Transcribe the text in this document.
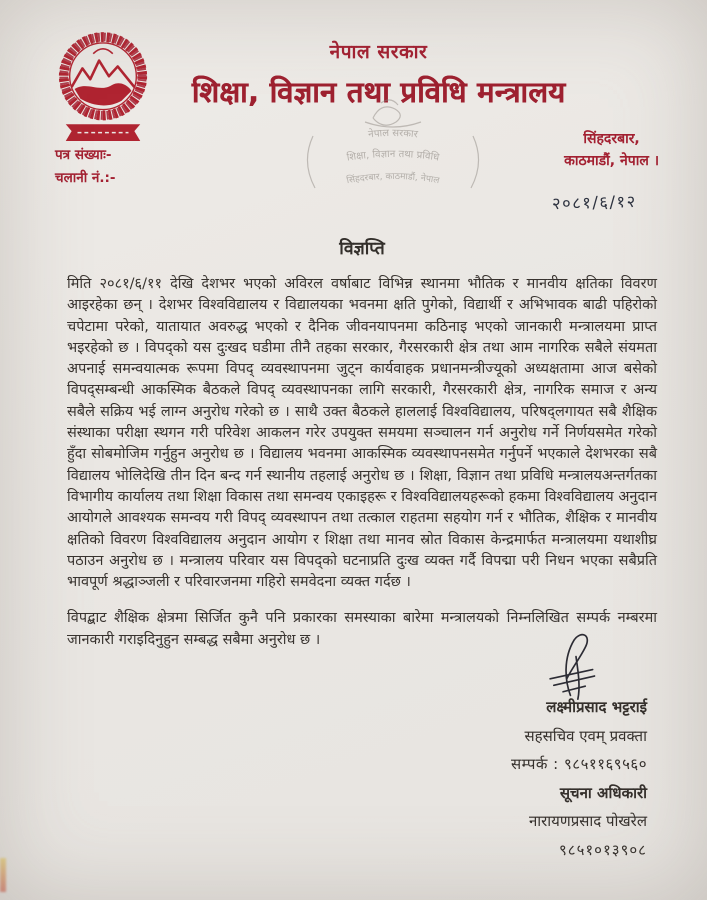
नेपाल सरकार
शिक्षा, विज्ञान तथा प्रविधि मन्त्रालय
नेपाल सरकार
शिक्षा, विज्ञान तथा प्रविधि
सिंहदरबार, काठमाडौं, नेपाल
पत्र संख्याः-
चलानी नं.:-
सिंहदरबार,
काठमाडौं, नेपाल ।
२०८१/६/१२
विज्ञप्ति

मिति २०८१/६/११ देखि देशभर भएको अविरल वर्षाबाट विभिन्न स्थानमा भौतिक र मानवीय क्षतिका विवरण आइरहेका छन् । देशभर विश्वविद्यालय र विद्यालयका भवनमा क्षति पुगेको, विद्यार्थी र अभिभावक बाढी पहिरोको चपेटामा परेको, यातायात अवरुद्ध भएको र दैनिक जीवनयापनमा कठिनाइ भएको जानकारी मन्त्रालयमा प्राप्त भइरहेको छ । विपद्को यस दुःखद घडीमा तीनै तहका सरकार, गैरसरकारी क्षेत्र तथा आम नागरिक सबैले संयमता अपनाई समन्वयात्मक रूपमा विपद् व्यवस्थापनमा जुट्न कार्यवाहक प्रधानमन्त्रीज्यूको अध्यक्षतामा आज बसेको विपद्सम्बन्धी आकस्मिक बैठकले विपद् व्यवस्थापनका लागि सरकारी, गैरसरकारी क्षेत्र, नागरिक समाज र अन्य सबैले सक्रिय भई लाग्न अनुरोध गरेको छ । साथै उक्त बैठकले हाललाई विश्वविद्यालय, परिषद्लगायत सबै शैक्षिक संस्थाका परीक्षा स्थगन गरी परिवेश आकलन गरेर उपयुक्त समयमा सञ्चालन गर्न अनुरोध गर्ने निर्णयसमेत गरेको हुँदा सोबमोजिम गर्नुहुन अनुरोध छ । विद्यालय भवनमा आकस्मिक व्यवस्थापनसमेत गर्नुपर्ने भएकाले देशभरका सबै विद्यालय भोलिदेखि तीन दिन बन्द गर्न स्थानीय तहलाई अनुरोध छ । शिक्षा, विज्ञान तथा प्रविधि मन्त्रालयअन्तर्गतका विभागीय कार्यालय तथा शिक्षा विकास तथा समन्वय एकाइहरू र विश्वविद्यालयहरूको हकमा विश्वविद्यालय अनुदान आयोगले आवश्यक समन्वय गरी विपद् व्यवस्थापन तथा तत्काल राहतमा सहयोग गर्न र भौतिक, शैक्षिक र मानवीय क्षतिको विवरण विश्वविद्यालय अनुदान आयोग र शिक्षा तथा मानव स्रोत विकास केन्द्रमार्फत मन्त्रालयमा यथाशीघ्र पठाउन अनुरोध छ । मन्त्रालय परिवार यस विपद्को घटनाप्रति दुःख व्यक्त गर्दै विपद्मा परी निधन भएका सबैप्रति भावपूर्ण श्रद्धाञ्जली र परिवारजनमा गहिरो समवेदना व्यक्त गर्दछ ।

विपद्बाट शैक्षिक क्षेत्रमा सिर्जित कुनै पनि प्रकारका समस्याका बारेमा मन्त्रालयको निम्नलिखित सम्पर्क नम्बरमा जानकारी गराइदिनुहुन सम्बद्ध सबैमा अनुरोध छ ।

लक्ष्मीप्रसाद भट्टराई
सहसचिव एवम् प्रवक्ता
सम्पर्क : ९८५११६९५६०
सूचना अधिकारी
नारायणप्रसाद पोखरेल
९८५१०१३९०८
